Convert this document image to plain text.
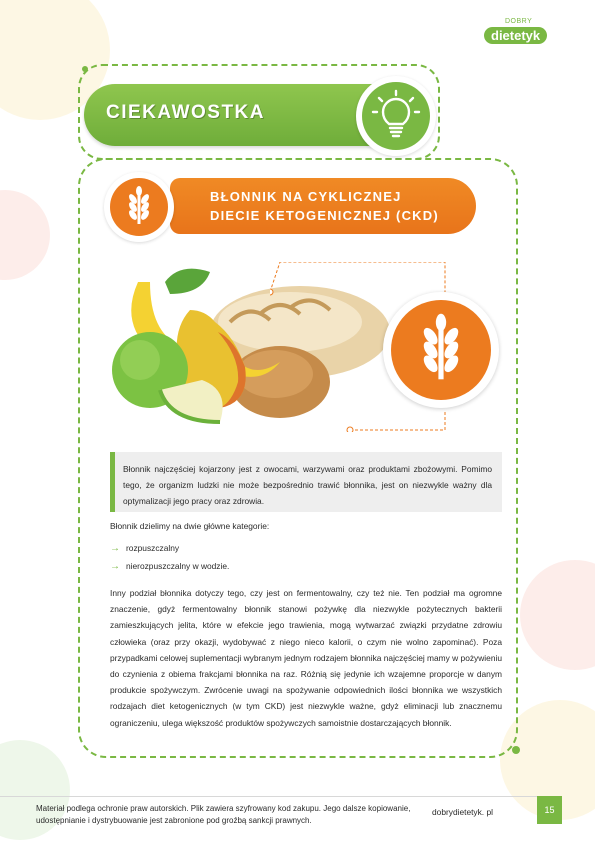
DOBRY
dietetyk
CIEKAWOSTKA
BŁONNIK NA CYKLICZNEJ
DIECIE KETOGENICZNEJ (CKD)
Błonnik najczęściej kojarzony jest z owocami, warzywami oraz produktami zbożowymi. Pomimo tego, że organizm ludzki nie może bezpośrednio trawić błonnika, jest on niezwykle ważny dla optymalizacji jego pracy oraz zdrowia.
Błonnik dzielimy na dwie główne kategorie:
→ rozpuszczalny
→ nierozpuszczalny w wodzie.
Inny podział błonnika dotyczy tego, czy jest on fermentowalny, czy też nie. Ten podział ma ogromne znaczenie, gdyż fermentowalny błonnik stanowi pożywkę dla niezwykle pożytecznych bakterii zamieszkujących jelita, które w efekcie jego trawienia, mogą wytwarzać związki przydatne zdrowiu człowieka (oraz przy okazji, wydobywać z niego nieco kalorii, o czym nie wolno zapominać). Poza przypadkami celowej suplementacji wybranym jednym rodzajem błonnika najczęściej mamy w pożywieniu do czynienia z obiema frakcjami błonnika na raz. Różnią się jedynie ich wzajemne proporcje w danym produkcie spożywczym. Zwrócenie uwagi na spożywanie odpowiednich ilości błonnika we wszystkich rodzajach diet ketogenicznych (w tym CKD) jest niezwykle ważne, gdyż eliminacji lub znacznemu ograniczeniu, ulega większość produktów spożywczych samoistnie dostarczających błonnik.
Materiał podlega ochronie praw autorskich. Plik zawiera szyfrowany kod zakupu. Jego dalsze kopiowanie, udostępnianie i dystrybuowanie jest zabronione pod groźbą sankcji prawnych.
dobrydietetyk. pl	15
